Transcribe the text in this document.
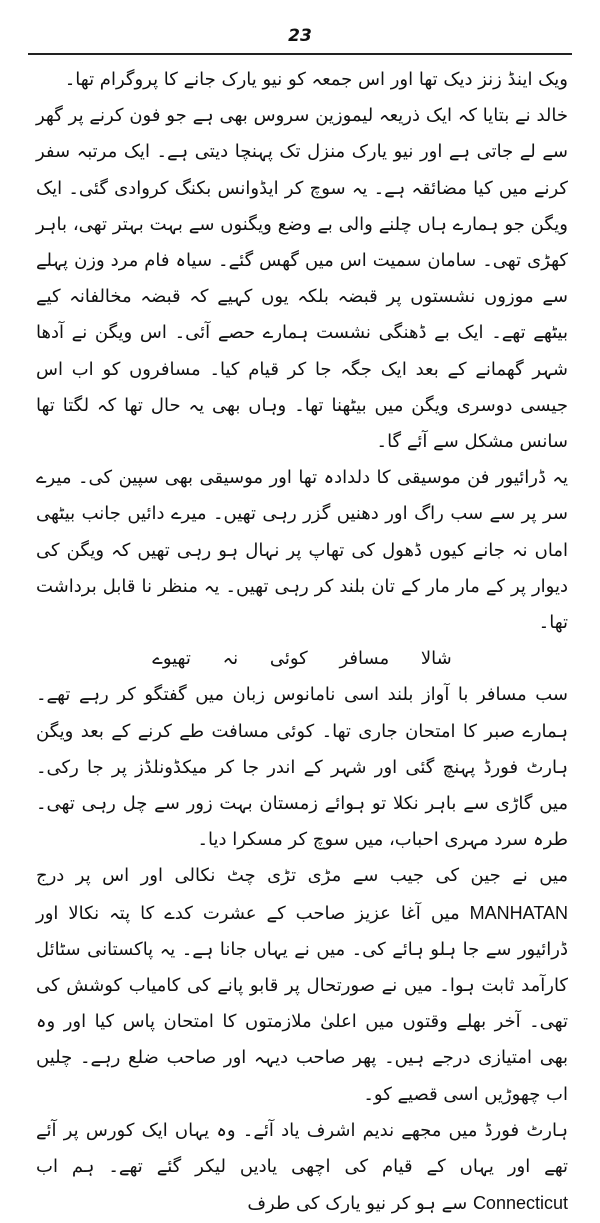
23

ویک اینڈ زنز دیک تھا اور اس جمعہ کو نیو یارک جانے کا پروگرام تھا۔

خالد نے بتایا کہ ایک ذریعہ لیموزین سروس بھی ہے جو فون کرنے پر گھر سے لے جاتی ہے اور نیو یارک منزل تک پہنچا دیتی ہے۔ ایک مرتبہ سفر کرنے میں کیا مضائقہ ہے۔ یہ سوچ کر ایڈوانس بکنگ کروادی گئی۔ ایک ویگن جو ہمارے ہاں چلنے والی بے وضع ویگنوں سے بہت بہتر تھی، باہر کھڑی تھی۔ سامان سمیت اس میں گھس گئے۔ سیاہ فام مرد وزن پہلے سے موزوں نشستوں پر قبضہ بلکہ یوں کہیے کہ قبضہ مخالفانہ کیے بیٹھے تھے۔ ایک بے ڈھنگی نشست ہمارے حصے آئی۔ اس ویگن نے آدھا شہر گھمانے کے بعد ایک جگہ جا کر قیام کیا۔ مسافروں کو اب اس جیسی دوسری ویگن میں بیٹھنا تھا۔ وہاں بھی یہ حال تھا کہ لگتا تھا سانس مشکل سے آئے گا۔

یہ ڈرائیور فن موسیقی کا دلدادہ تھا اور موسیقی بھی سپین کی۔ میرے سر پر سے سب راگ اور دھنیں گزر رہی تھیں۔ میرے دائیں جانب بیٹھی اماں نہ جانے کیوں ڈھول کی تھاپ پر نہال ہو رہی تھیں کہ ویگن کی دیوار پر کے مار مار کے تان بلند کر رہی تھیں۔ یہ منظر نا قابل برداشت تھا۔

شالا مسافر کوئی نہ تھیوے

سب مسافر با آواز بلند اسی نامانوس زبان میں گفتگو کر رہے تھے۔ ہمارے صبر کا امتحان جاری تھا۔ کوئی مسافت طے کرنے کے بعد ویگن ہارٹ فورڈ پہنچ گئی اور شہر کے اندر جا کر میکڈونلڈز پر جا رکی۔ میں گاڑی سے باہر نکلا تو ہوائے زمستان بہت زور سے چل رہی تھی۔ طرہ سرد مہری احباب، میں سوچ کر مسکرا دیا۔

میں نے جین کی جیب سے مڑی تڑی چٹ نکالی اور اس پر درج MANHATAN میں آغا عزیز صاحب کے عشرت کدے کا پتہ نکالا اور ڈرائیور سے جا ہلو ہائے کی۔ میں نے یہاں جانا ہے۔ یہ پاکستانی سٹائل کارآمد ثابت ہوا۔ میں نے صورتحال پر قابو پانے کی کامیاب کوشش کی تھی۔ آخر بھلے وقتوں میں اعلیٰ ملازمتوں کا امتحان پاس کیا اور وہ بھی امتیازی درجے ہیں۔ پھر صاحب دیہہ اور صاحب ضلع رہے۔ چلیں اب چھوڑیں اسی قصیے کو۔

ہارٹ فورڈ میں مجھے ندیم اشرف یاد آئے۔ وہ یہاں ایک کورس پر آئے تھے اور یہاں کے قیام کی اچھی یادیں لیکر گئے تھے۔ ہم اب Connecticut سے ہو کر نیو یارک کی طرف
